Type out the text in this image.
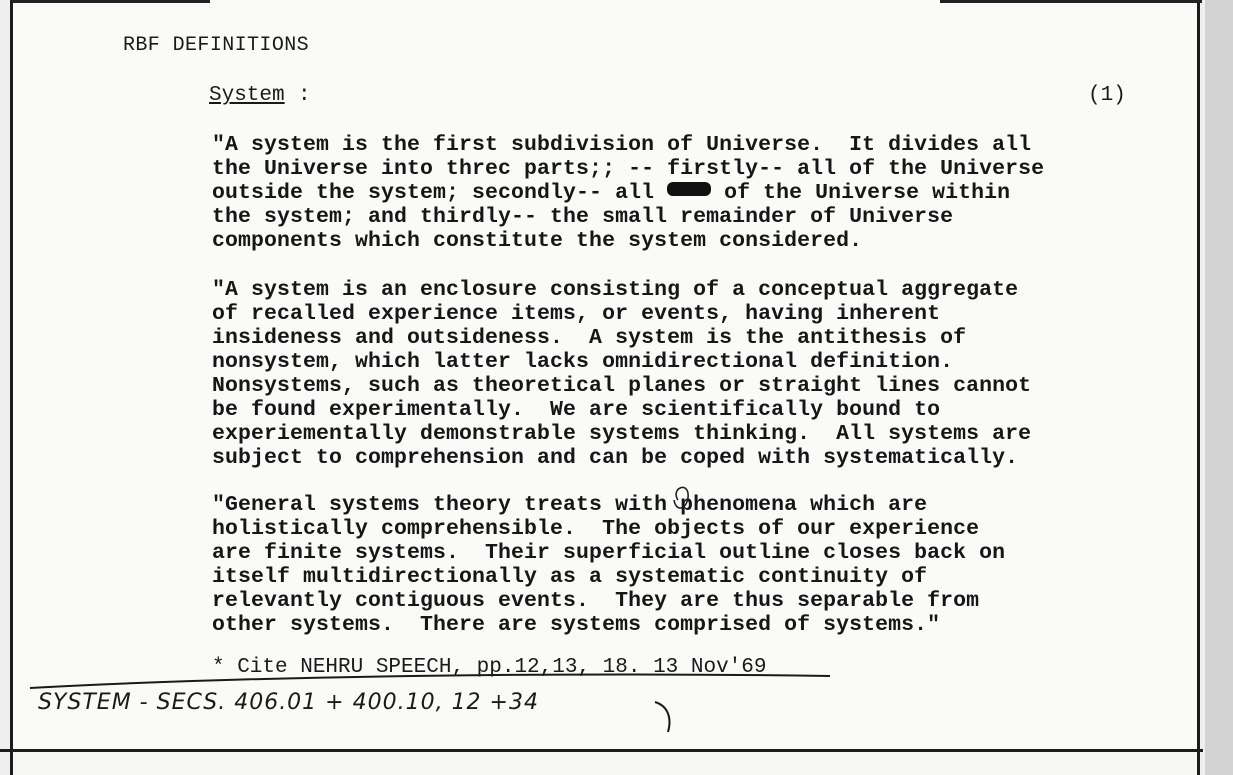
RBF DEFINITIONS
System :	(1)
"A system is the first subdivision of Universe.  It divides all
the Universe into threc parts;; -- firstly-- all of the Universe
outside the system; secondly-- all  of the Universe within
the system; and thirdly-- the small remainder of Universe
components which constitute the system considered.
"A system is an enclosure consisting of a conceptual aggregate
of recalled experience items, or events, having inherent
insideness and outsideness.  A system is the antithesis of
nonsystem, which latter lacks omnidirectional definition.
Nonsystems, such as theoretical planes or straight lines cannot
be found experimentally.  We are scientifically bound to
experiementally demonstrable systems thinking.  All systems are
subject to comprehension and can be coped with systematically.
"General systems theory treats with phenomena which are
holistically comprehensible.  The objects of our experience
are finite systems.  Their superficial outline closes back on
itself multidirectionally as a systematic continuity of
relevantly contiguous events.  They are thus separable from
other systems.  There are systems comprised of systems."
* Cite NEHRU SPEECH, pp.12,13, 18. 13 Nov'69
SYSTEM - SECS. 406.01 + 400.10, 12 +34
